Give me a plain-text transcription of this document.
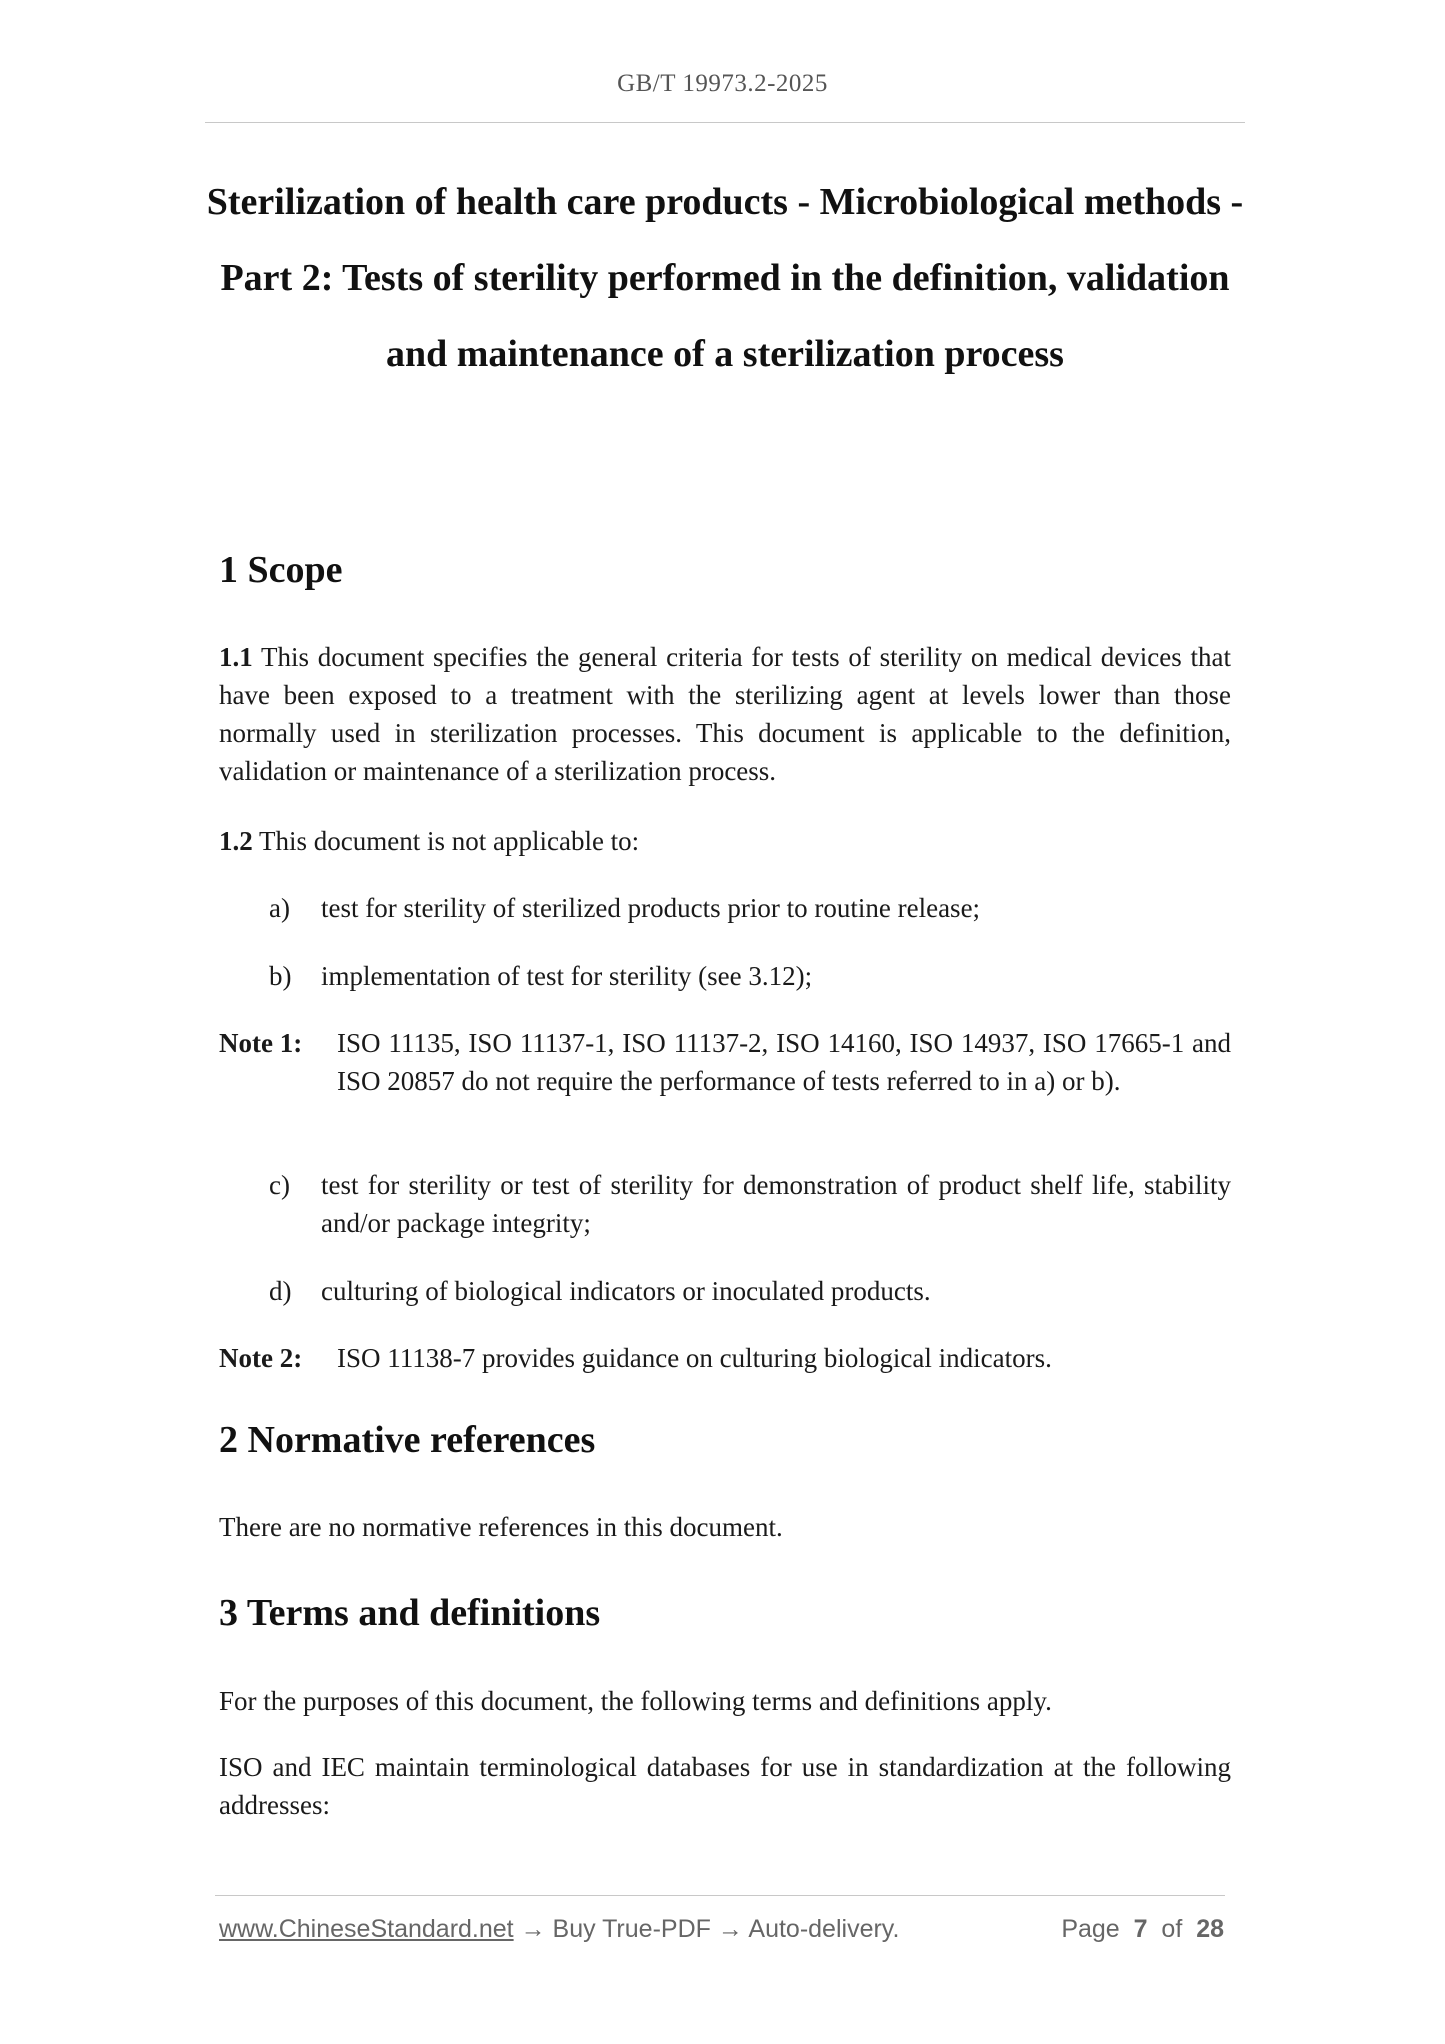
GB/T 19973.2-2025
Sterilization of health care products - Microbiological methods - Part 2: Tests of sterility performed in the definition, validation and maintenance of a sterilization process
1 Scope
1.1 This document specifies the general criteria for tests of sterility on medical devices that have been exposed to a treatment with the sterilizing agent at levels lower than those normally used in sterilization processes. This document is applicable to the definition, validation or maintenance of a sterilization process.
1.2 This document is not applicable to:
a)	test for sterility of sterilized products prior to routine release;
b)	implementation of test for sterility (see 3.12);
Note 1: ISO 11135, ISO 11137-1, ISO 11137-2, ISO 14160, ISO 14937, ISO 17665-1 and ISO 20857 do not require the performance of tests referred to in a) or b).
c)	test for sterility or test of sterility for demonstration of product shelf life, stability and/or package integrity;
d)	culturing of biological indicators or inoculated products.
Note 2: ISO 11138-7 provides guidance on culturing biological indicators.
2 Normative references
There are no normative references in this document.
3 Terms and definitions
For the purposes of this document, the following terms and definitions apply.
ISO and IEC maintain terminological databases for use in standardization at the following addresses:
www.ChineseStandard.net → Buy True-PDF → Auto-delivery.	Page 7 of 28
